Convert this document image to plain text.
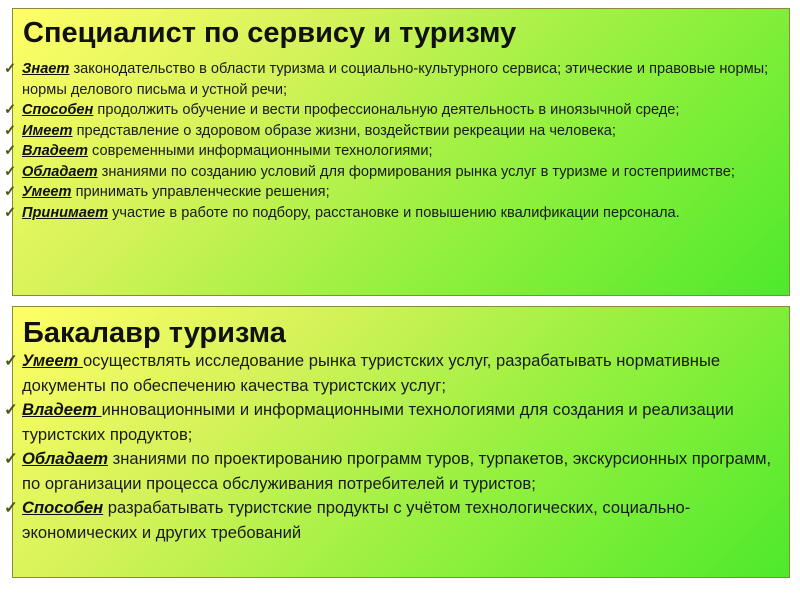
Специалист по сервису и туризму
✓ Знает законодательство в области туризма и социально-культурного сервиса; этические и правовые нормы; нормы делового письма и устной речи;
✓ Способен продолжить обучение и вести профессиональную деятельность в иноязычной среде;
✓ Имеет представление о здоровом образе жизни, воздействии рекреации на человека;
✓ Владеет современными информационными технологиями;
✓ Обладает знаниями по созданию условий для формирования рынка услуг в туризме и гостеприимстве;
✓ Умеет принимать управленческие решения;
✓ Принимает участие в работе по подбору, расстановке и повышению квалификации персонала.
Бакалавр туризма
✓ Умеет осуществлять исследование рынка туристских услуг, разрабатывать нормативные документы по обеспечению качества туристских услуг;
✓ Владеет инновационными и информационными технологиями для создания и реализации туристских продуктов;
✓ Обладает знаниями по проектированию программ туров, турпакетов, экскурсионных программ, по организации процесса обслуживания потребителей и туристов;
✓ Способен разрабатывать туристские продукты с учётом технологических, социально-экономических и других требований
